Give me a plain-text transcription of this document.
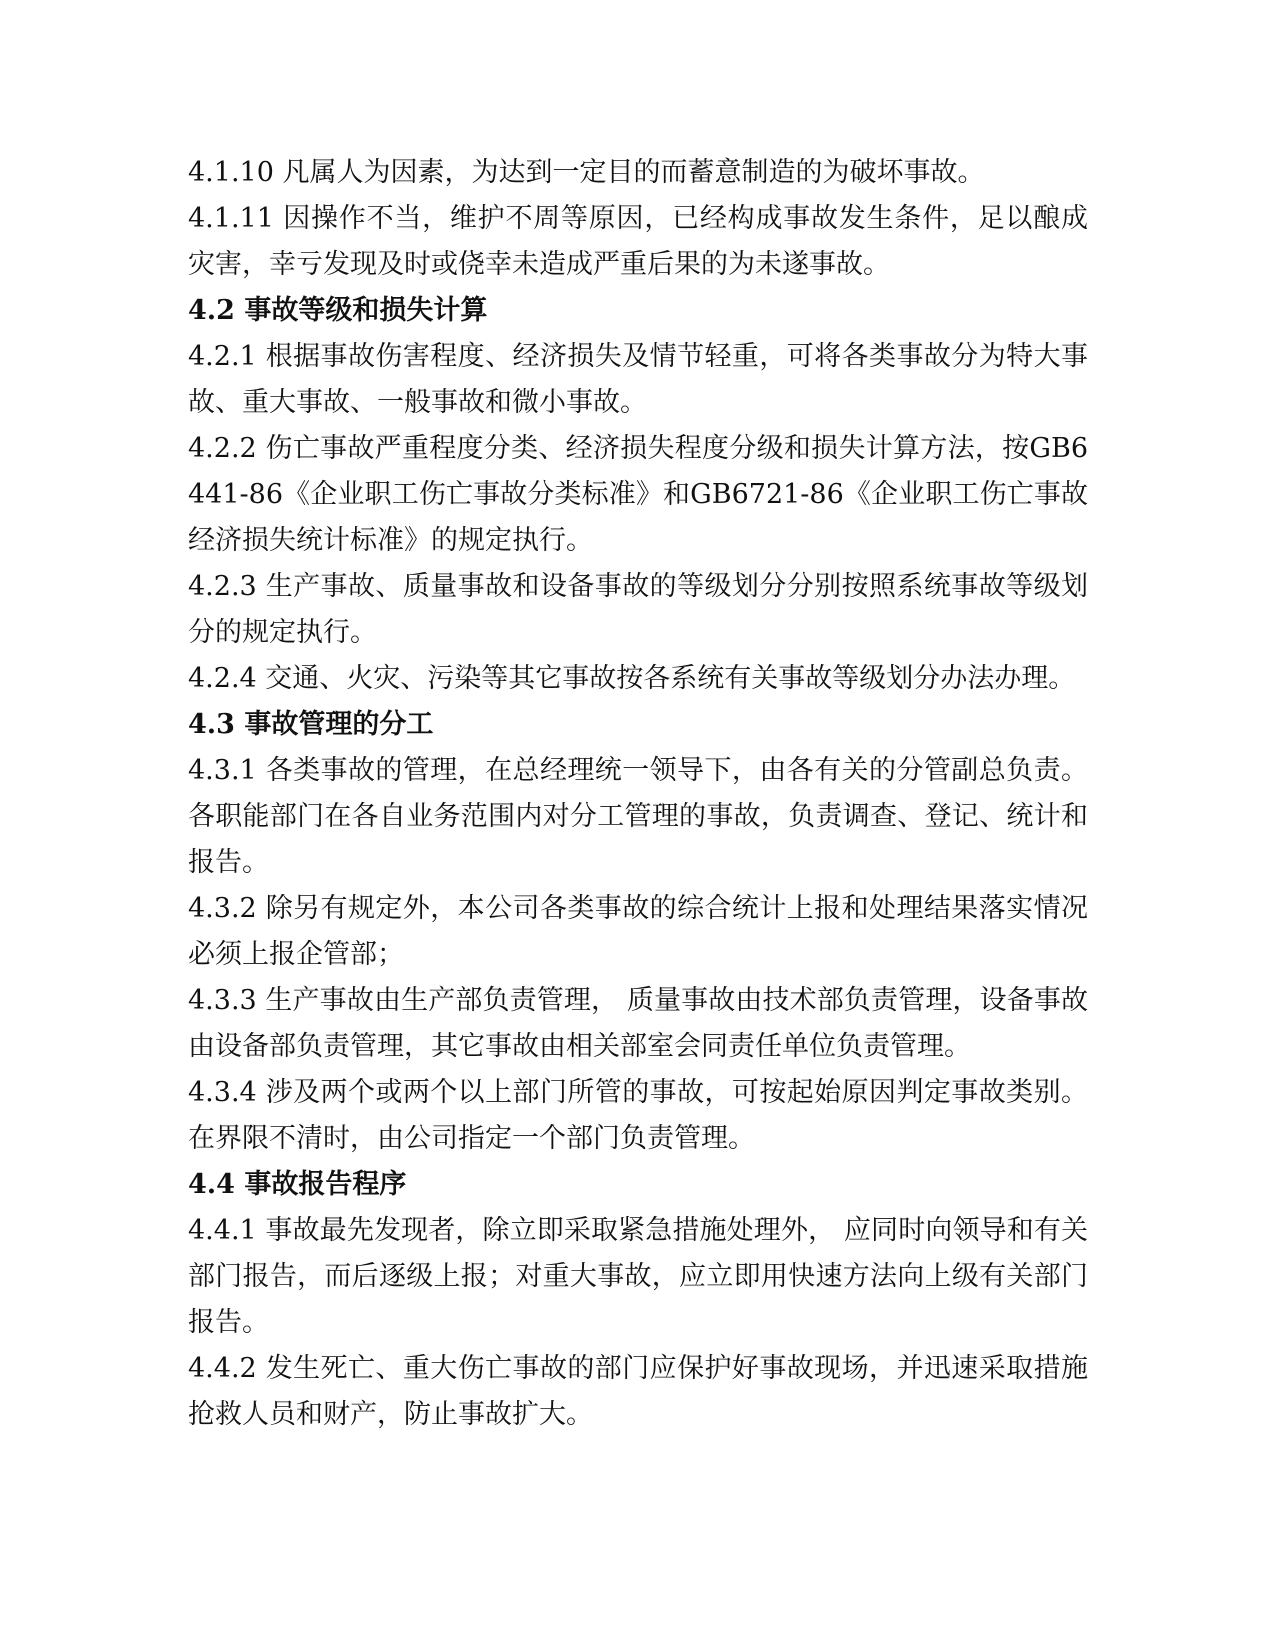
4.1.10 凡属人为因素，为达到一定目的而蓄意制造的为破坏事故。

4.1.11 因操作不当，维护不周等原因，已经构成事故发生条件，足以酿成灾害，幸亏发现及时或侥幸未造成严重后果的为未遂事故。

4.2 事故等级和损失计算

4.2.1 根据事故伤害程度、经济损失及情节轻重，可将各类事故分为特大事故、重大事故、一般事故和微小事故。

4.2.2 伤亡事故严重程度分类、经济损失程度分级和损失计算方法，按GB6441-86《企业职工伤亡事故分类标准》和GB6721-86《企业职工伤亡事故经济损失统计标准》的规定执行。

4.2.3 生产事故、质量事故和设备事故的等级划分分别按照系统事故等级划分的规定执行。

4.2.4 交通、火灾、污染等其它事故按各系统有关事故等级划分办法办理。

4.3 事故管理的分工

4.3.1 各类事故的管理，在总经理统一领导下，由各有关的分管副总负责。各职能部门在各自业务范围内对分工管理的事故，负责调查、登记、统计和报告。

4.3.2 除另有规定外，本公司各类事故的综合统计上报和处理结果落实情况必须上报企管部；

4.3.3 生产事故由生产部负责管理， 质量事故由技术部负责管理，设备事故由设备部负责管理，其它事故由相关部室会同责任单位负责管理。

4.3.4 涉及两个或两个以上部门所管的事故，可按起始原因判定事故类别。在界限不清时，由公司指定一个部门负责管理。

4.4 事故报告程序

4.4.1 事故最先发现者，除立即采取紧急措施处理外， 应同时向领导和有关部门报告，而后逐级上报；对重大事故，应立即用快速方法向上级有关部门报告。

4.4.2 发生死亡、重大伤亡事故的部门应保护好事故现场，并迅速采取措施抢救人员和财产，防止事故扩大。
